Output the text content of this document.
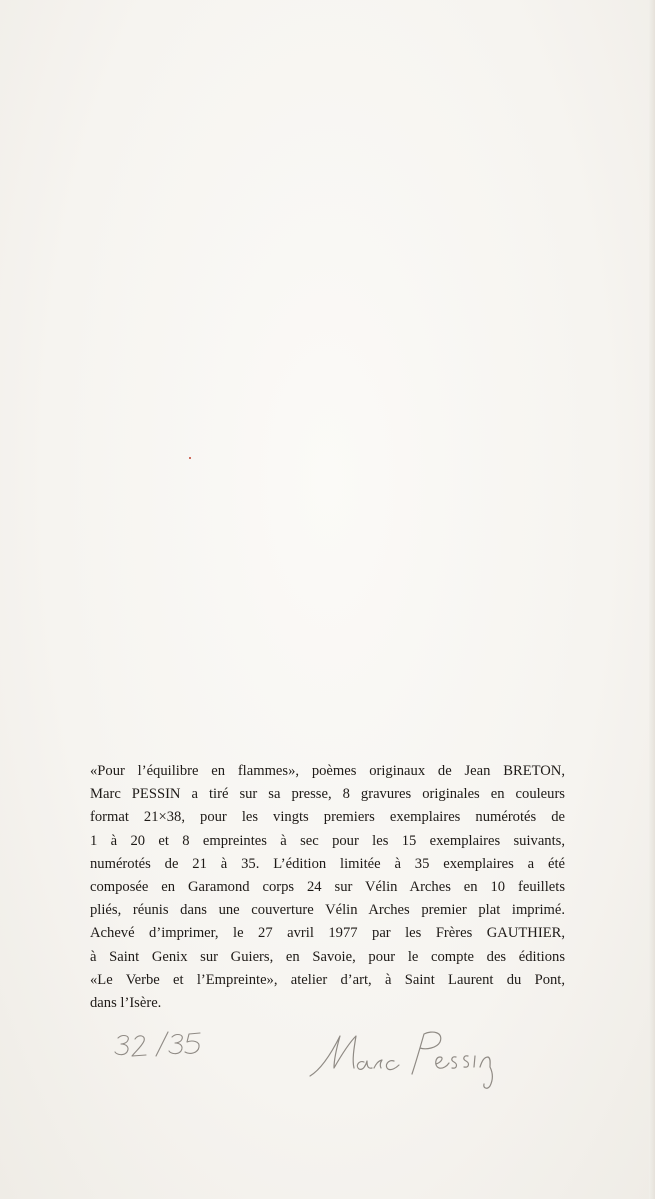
«Pour l’équilibre en flammes», poèmes originaux de Jean BRETON,
Marc PESSIN a tiré sur sa presse, 8 gravures originales en couleurs
format 21×38, pour les vingts premiers exemplaires numérotés de
1 à 20 et 8 empreintes à sec pour les 15 exemplaires suivants,
numérotés de 21 à 35. L’édition limitée à 35 exemplaires a été
composée en Garamond corps 24 sur Vélin Arches en 10 feuillets
pliés, réunis dans une couverture Vélin Arches premier plat imprimé.
Achevé d’imprimer, le 27 avril 1977 par les Frères GAUTHIER,
à Saint Genix sur Guiers, en Savoie, pour le compte des éditions
«Le Verbe et l’Empreinte», atelier d’art, à Saint Laurent du Pont,
dans l’Isère.
